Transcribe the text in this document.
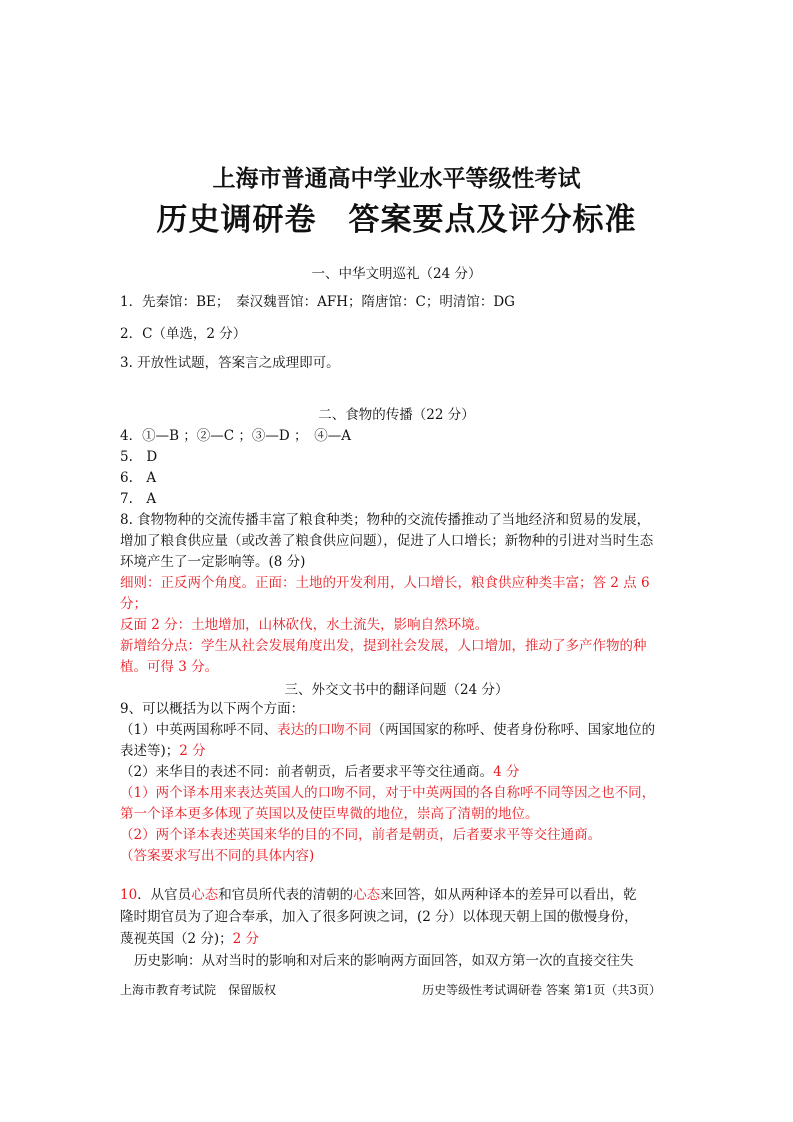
上海市普通高中学业水平等级性考试
历史调研卷　答案要点及评分标准
一、中华文明巡礼（24 分）
1．先秦馆：BE；　秦汉魏晋馆：AFH；隋唐馆：C；明清馆：DG
2．C（单选，2 分）
3. 开放性试题，答案言之成理即可。
二、食物的传播（22 分）
4．①—B ；②—C ；③—D ；　④—A
5.　D
6.　A
7.　A
8. 食物物种的交流传播丰富了粮食种类；物种的交流传播推动了当地经济和贸易的发展，
增加了粮食供应量（或改善了粮食供应问题），促进了人口增长；新物种的引进对当时生态
环境产生了一定影响等。(8 分)
细则：正反两个角度。正面：土地的开发利用，人口增长，粮食供应种类丰富；答 2 点 6
分；
反面 2 分：土地增加，山林砍伐，水土流失，影响自然环境。
新增给分点：学生从社会发展角度出发，提到社会发展，人口增加，推动了多产作物的种
植。可得 3 分。
三、外交文书中的翻译问题（24 分）
9、可以概括为以下两个方面：
（1）中英两国称呼不同、表达的口吻不同（两国国家的称呼、使者身份称呼、国家地位的
表述等)；2 分
（2）来华目的表述不同：前者朝贡，后者要求平等交往通商。4 分
（1）两个译本用来表达英国人的口吻不同，对于中英两国的各自称呼不同等因之也不同，
第一个译本更多体现了英国以及使臣卑微的地位，崇高了清朝的地位。
（2）两个译本表述英国来华的目的不同，前者是朝贡，后者要求平等交往通商。
（答案要求写出不同的具体内容)
10．从官员心态和官员所代表的清朝的心态来回答，如从两种译本的差异可以看出，乾
隆时期官员为了迎合奉承，加入了很多阿谀之词，(2 分）以体现天朝上国的傲慢身份，
蔑视英国（2 分)；2 分
历史影响：从对当时的影响和对后来的影响两方面回答，如双方第一次的直接交往失
上海市教育考试院　保留版权	历史等级性考试调研卷 答案 第1页（共3页）
